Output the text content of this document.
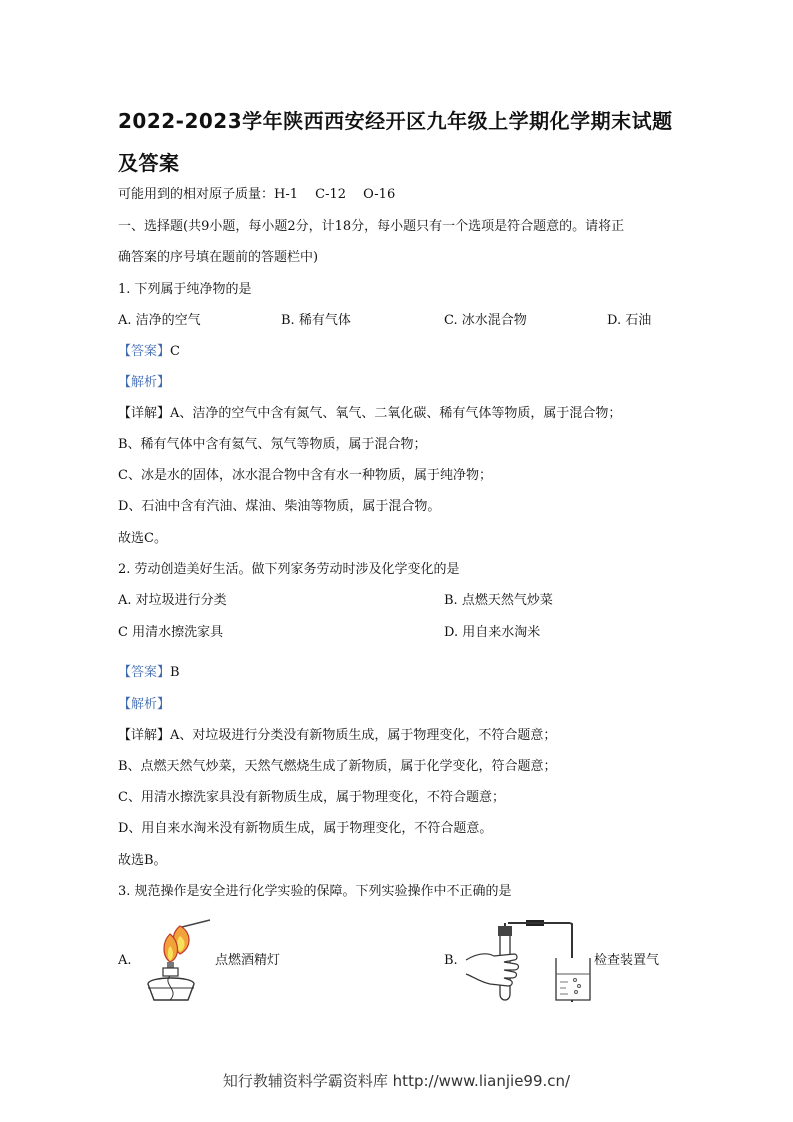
2022-2023学年陕西西安经开区九年级上学期化学期末试题及答案
可能用到的相对原子质量：H-1　 C-12　 O-16
一、选择题(共9小题，每小题2分，计18分，每小题只有一个选项是符合题意的。请将正
确答案的序号填在题前的答题栏中)
1. 下列属于纯净物的是
A. 洁净的空气	B. 稀有气体	C. 冰水混合物	D. 石油
【答案】C
【解析】
【详解】A、洁净的空气中含有氮气、氧气、二氧化碳、稀有气体等物质，属于混合物；
B、稀有气体中含有氦气、氖气等物质，属于混合物；
C、冰是水的固体，冰水混合物中含有水一种物质，属于纯净物；
D、石油中含有汽油、煤油、柴油等物质，属于混合物。
故选C。
2. 劳动创造美好生活。做下列家务劳动时涉及化学变化的是
A. 对垃圾进行分类	B. 点燃天然气炒菜
C 用清水擦洗家具	D. 用自来水淘米
【答案】B
【解析】
【详解】A、对垃圾进行分类没有新物质生成，属于物理变化，不符合题意；
B、点燃天然气炒菜，天然气燃烧生成了新物质，属于化学变化，符合题意；
C、用清水擦洗家具没有新物质生成，属于物理变化，不符合题意；
D、用自来水淘米没有新物质生成，属于物理变化，不符合题意。
故选B。
3. 规范操作是安全进行化学实验的保障。下列实验操作中不正确的是
A.	点燃酒精灯	B.	检查装置气
知行教辅资料学霸资料库 http://www.lianjie99.cn/
